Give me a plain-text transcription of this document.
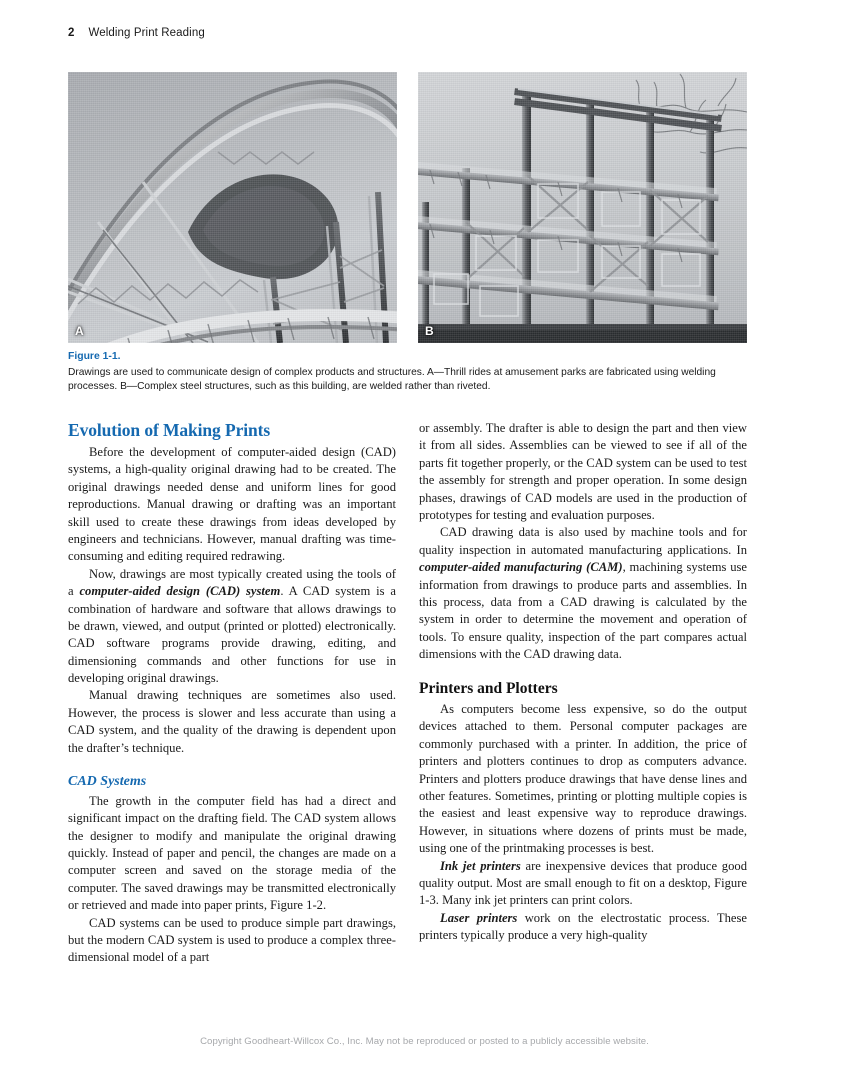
2 Welding Print Reading
A	B
Figure 1-1.
Drawings are used to communicate design of complex products and structures. A—Thrill rides at amusement parks are fabricated using welding processes. B—Complex steel structures, such as this building, are welded rather than riveted.
Evolution of Making Prints

Before the development of computer-aided design (CAD) systems, a high-quality original drawing had to be created. The original drawings needed dense and uniform lines for good reproductions. Manual drawing or drafting was an important skill used to create these drawings from ideas developed by engineers and technicians. However, manual drafting was time-consuming and editing required redrawing.

Now, drawings are most typically created using the tools of a computer-aided design (CAD) system. A CAD system is a combination of hardware and software that allows drawings to be drawn, viewed, and output (printed or plotted) electronically. CAD software programs provide drawing, editing, and dimensioning commands and other functions for use in developing original drawings.

Manual drawing techniques are sometimes also used. However, the process is slower and less accurate than using a CAD system, and the quality of the drawing is dependent upon the drafter’s technique.

CAD Systems

The growth in the computer field has had a direct and significant impact on the drafting field. The CAD system allows the designer to modify and manipulate the original drawing quickly. Instead of paper and pencil, the changes are made on a computer screen and saved on the storage media of the computer. The saved drawings may be transmitted electronically or retrieved and made into paper prints, Figure 1-2.

CAD systems can be used to produce simple part drawings, but the modern CAD system is used to produce a complex three-dimensional model of a part

or assembly. The drafter is able to design the part and then view it from all sides. Assemblies can be viewed to see if all of the parts fit together properly, or the CAD system can be used to test the assembly for strength and proper operation. In some design phases, drawings of CAD models are used in the production of prototypes for testing and evaluation purposes.

CAD drawing data is also used by machine tools and for quality inspection in automated manufacturing applications. In computer-aided manufacturing (CAM), machining systems use information from drawings to produce parts and assemblies. In this process, data from a CAD drawing is calculated by the system in order to determine the movement and operation of tools. To ensure quality, inspection of the part compares actual dimensions with the CAD drawing data.

Printers and Plotters

As computers become less expensive, so do the output devices attached to them. Personal computer packages are commonly purchased with a printer. In addition, the price of printers and plotters continues to drop as computers advance. Printers and plotters produce drawings that have dense lines and other features. Sometimes, printing or plotting multiple copies is the easiest and least expensive way to reproduce drawings. However, in situations where dozens of prints must be made, using one of the printmaking processes is best.

Ink jet printers are inexpensive devices that produce good quality output. Most are small enough to fit on a desktop, Figure 1-3. Many ink jet printers can print colors.

Laser printers work on the electrostatic process. These printers typically produce a very high-quality

Copyright Goodheart-Willcox Co., Inc. May not be reproduced or posted to a publicly accessible website.
